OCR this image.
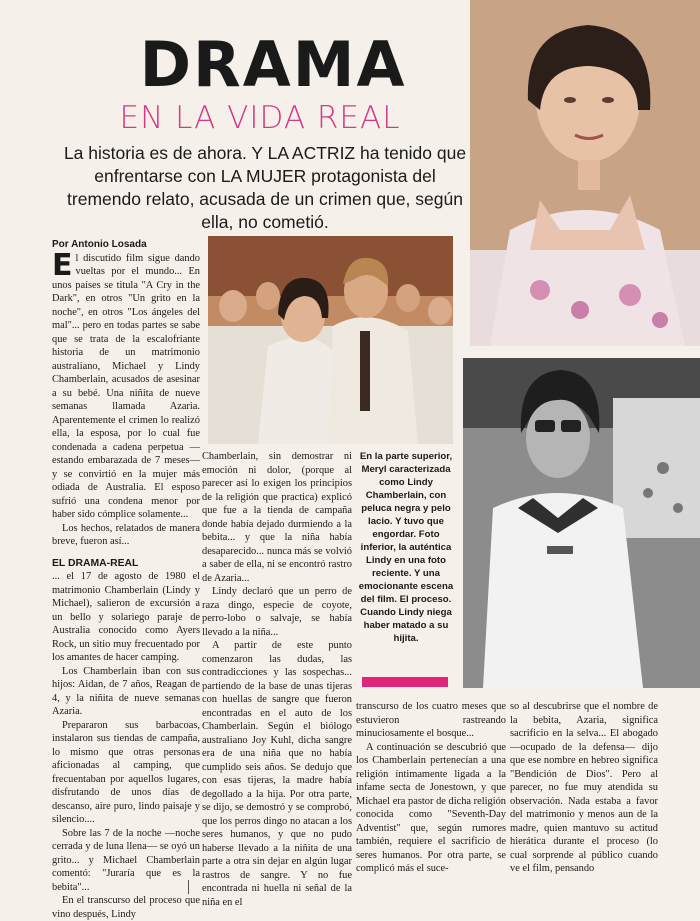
DRAMA
EN LA VIDA REAL
La historia es de ahora. Y LA ACTRIZ ha tenido que enfrentarse con LA MUJER protagonista del tremendo relato, acusada de un crimen que, según ella, no cometió.
Por Antonio Losada

El discutido film sigue dando vueltas por el mundo... En unos países se titula "A Cry in the Dark", en otros "Un grito en la noche", en otros "Los ángeles del mal"... pero en todas partes se sabe que se trata de la escalofriante historia de un matrimonio australiano, Michael y Lindy Chamberlain, acusados de asesinar a su bebé. Una niñita de nueve semanas llamada Azaria. Aparentemente el crimen lo realizó ella, la esposa, por lo cual fue condenada a cadena perpetua —estando embarazada de 7 meses— y se convirtió en la mujer más odiada de Australia. El esposo sufrió una condena menor por haber sido cómplice solamente...

Los hechos, relatados de manera breve, fueron así...

EL DRAMA-REAL

... el 17 de agosto de 1980 el matrimonio Chamberlain (Lindy y Michael), salieron de excursión a un bello y solariego paraje de Australia conocido como Ayers Rock, un sitio muy frecuentado por los amantes de hacer camping.

Los Chamberlain iban con sus hijos: Aidan, de 7 años, Reagan de 4, y la niñita de nueve semanas Azaria.

Prepararon sus barbacoas, instalaron sus tiendas de campaña, lo mismo que otras personas aficionadas al camping, que frecuentaban por aquellos lugares, disfrutando de unos días de descanso, aire puro, lindo paisaje y silencio....

Sobre las 7 de la noche —noche cerrada y de luna llena— se oyó un grito... y Michael Chamberlain comentó: "Juraría que es la bebita"...

En el transcurso del proceso que vino después, Lindy

Chamberlain, sin demostrar ni emoción ni dolor, (porque al parecer así lo exigen los principios de la religión que practica) explicó que fue a la tienda de campaña donde había dejado durmiendo a la bebita... y que la niña había desaparecido... nunca más se volvió a saber de ella, ni se encontró rastro de Azaria...

Lindy declaró que un perro de raza dingo, especie de coyote, perro-lobo o salvaje, se había llevado a la niña...

A partir de este punto comenzaron las dudas, las contradicciones y las sospechas... partiendo de la base de unas tijeras con huellas de sangre que fueron encontradas en el auto de los Chamberlain. Según el biólogo australiano Joy Kuhl, dicha sangre era de una niña que no había cumplido seis años. Se dedujo que con esas tijeras, la madre había degollado a la hija. Por otra parte, se dijo, se demostró y se comprobó, que los perros dingo no atacan a los seres humanos, y que no pudo haberse llevado a la niñita de una parte a otra sin dejar en algún lugar rastros de sangre. Y no fue encontrada ni huella ni señal de la niña en el

En la parte superior, Meryl caracterizada como Lindy Chamberlain, con peluca negra y pelo lacio. Y tuvo que engordar. Foto inferior, la auténtica Lindy en una foto reciente. Y una emocionante escena del film. El proceso. Cuando Lindy niega haber matado a su hijita.

transcurso de los cuatro meses que estuvieron rastreando minuciosamente el bosque...

A continuación se descubrió que los Chamberlain pertenecían a una religión íntimamente ligada a la infame secta de Jonestown, y que Michael era pastor de dicha religión conocida como "Seventh-Day Adventist" que, según rumores también, requiere el sacrificio de seres humanos. Por otra parte, se complicó más el suce-

so al descubrirse que el nombre de la bebita, Azaria, significa sacrificio en la selva... El abogado —ocupado de la defensa— dijo que ese nombre en hebreo significa "Bendición de Dios". Pero al parecer, no fue muy atendida su observación. Nada estaba a favor del matrimonio y menos aun de la madre, quien mantuvo su actitud hierática durante el proceso (lo cual sorprende al público cuando ve el film, pensando
